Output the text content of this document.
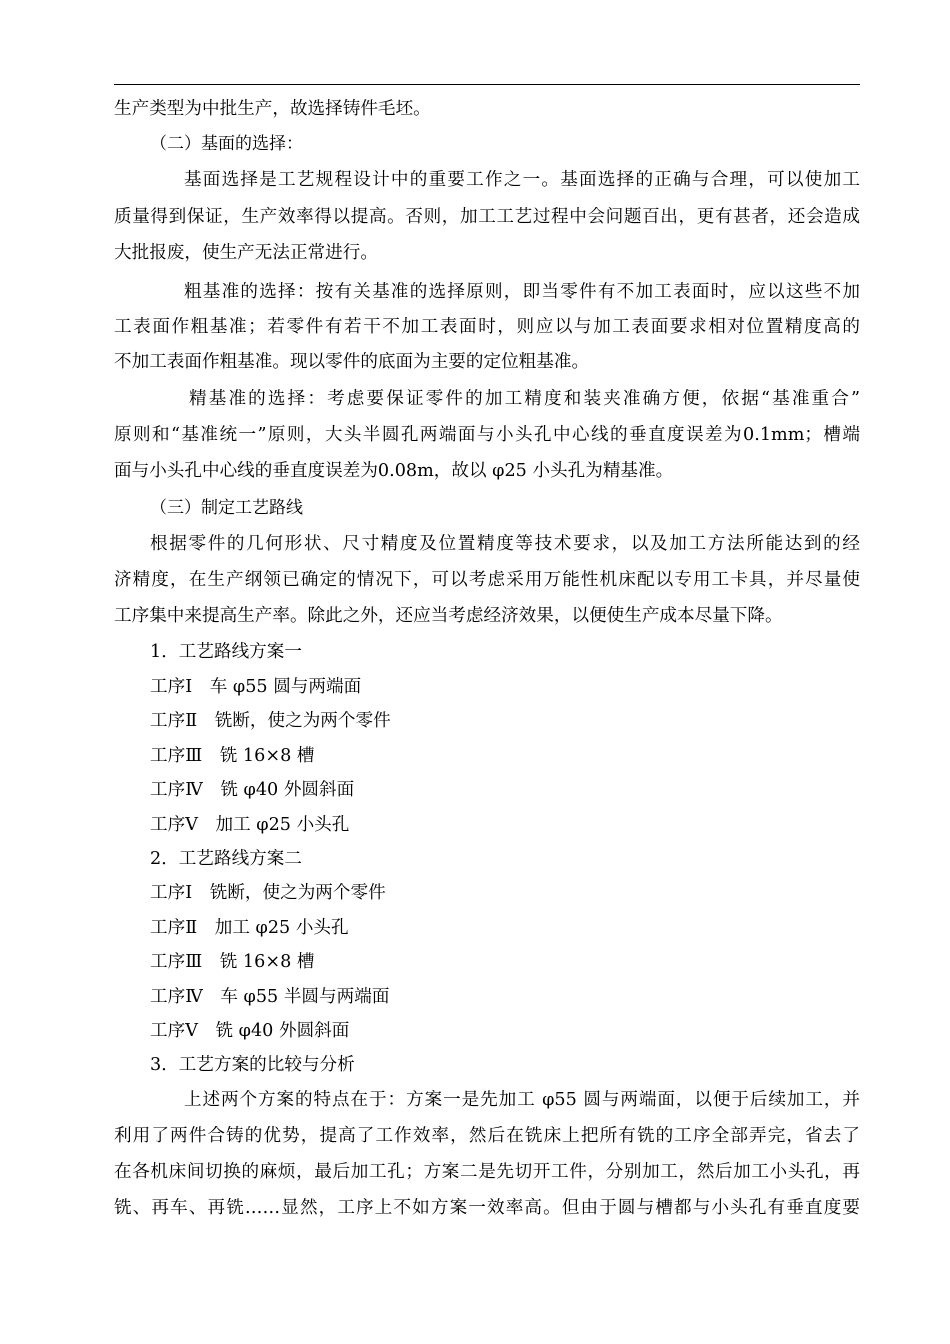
生产类型为中批生产，故选择铸件毛坯。
（二）基面的选择：
基面选择是工艺规程设计中的重要工作之一。基面选择的正确与合理，可以使加工
质量得到保证，生产效率得以提高。否则，加工工艺过程中会问题百出，更有甚者，还会造成
大批报废，使生产无法正常进行。
粗基准的选择：按有关基准的选择原则，即当零件有不加工表面时，应以这些不加
工表面作粗基准；若零件有若干不加工表面时，则应以与加工表面要求相对位置精度高的
不加工表面作粗基准。现以零件的底面为主要的定位粗基准。
精基准的选择：考虑要保证零件的加工精度和装夹准确方便，依据“基准重合”
原则和“基准统一”原则，大头半圆孔两端面与小头孔中心线的垂直度误差为0.1mm；槽端
面与小头孔中心线的垂直度误差为0.08m，故以 φ25 小头孔为精基准。
（三）制定工艺路线
根据零件的几何形状、尺寸精度及位置精度等技术要求，以及加工方法所能达到的经
济精度，在生产纲领已确定的情况下，可以考虑采用万能性机床配以专用工卡具，并尽量使
工序集中来提高生产率。除此之外，还应当考虑经济效果，以便使生产成本尽量下降。
1．工艺路线方案一
工序Ⅰ　车 φ55 圆与两端面
工序Ⅱ　铣断，使之为两个零件
工序Ⅲ　铣 16×8 槽
工序Ⅳ　铣 φ40 外圆斜面
工序Ⅴ　加工 φ25 小头孔
2．工艺路线方案二
工序Ⅰ　铣断，使之为两个零件
工序Ⅱ　加工 φ25 小头孔
工序Ⅲ　铣 16×8 槽
工序Ⅳ　车 φ55 半圆与两端面
工序Ⅴ　铣 φ40 外圆斜面
3．工艺方案的比较与分析
上述两个方案的特点在于：方案一是先加工 φ55 圆与两端面，以便于后续加工，并
利用了两件合铸的优势，提高了工作效率，然后在铣床上把所有铣的工序全部弄完，省去了
在各机床间切换的麻烦，最后加工孔；方案二是先切开工件，分别加工，然后加工小头孔，再
铣、再车、再铣……显然，工序上不如方案一效率高。但由于圆与槽都与小头孔有垂直度要
